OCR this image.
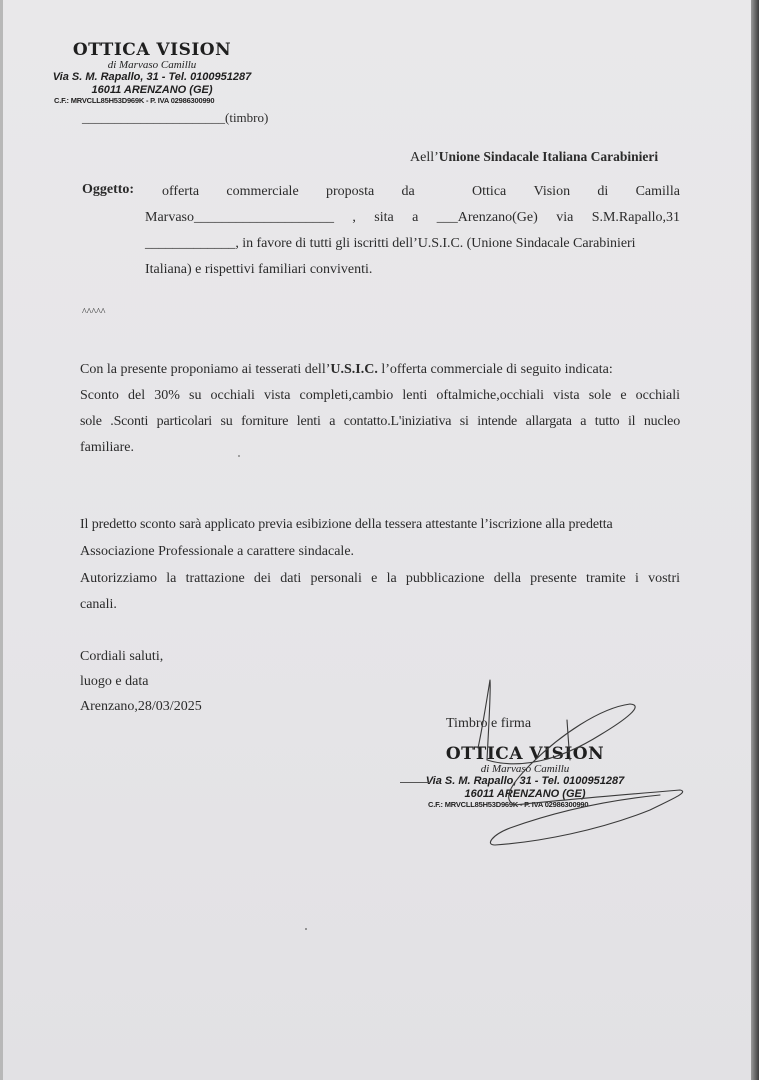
OTTICA VISION
di Marvaso Camillu
Via S. M. Rapallo, 31 - Tel. 0100951287
16011 ARENZANO (GE)
C.F.: MRVCLL85H53D969K - P. IVA 02986300990
______________________(timbro)
Aell’Unione Sindacale Italiana Carabinieri
Oggetto: offerta commerciale proposta da	Ottica Vision di Camilla
Marvaso____________________ , sita a ___Arenzano(Ge) via S.M.Rapallo,31
_____________, in favore di tutti gli iscritti dell’U.S.I.C. (Unione Sindacale Carabinieri
Italiana) e rispettivi familiari conviventi.
^^^^^
Con la presente proponiamo ai tesserati dell’U.S.I.C. l’offerta commerciale di seguito indicata:
Sconto del 30% su occhiali vista completi,cambio lenti oftalmiche,occhiali vista sole e occhiali
sole .Sconti particolari su forniture lenti a contatto.L'iniziativa si intende allargata a tutto il nucleo
familiare.
Il predetto sconto sarà applicato previa esibizione della tessera attestante l’iscrizione alla predetta
Associazione Professionale a carattere sindacale.
Autorizziamo la trattazione dei dati personali e la pubblicazione della presente tramite i vostri
canali.
Cordiali saluti,
luogo e data
Arenzano,28/03/2025
Timbro e firma
OTTICA VISION
di Marvaso Camillu
Via S. M. Rapallo, 31 - Tel. 0100951287
16011 ARENZANO (GE)
C.F.: MRVCLL85H53D969K - P. IVA 02986300990
